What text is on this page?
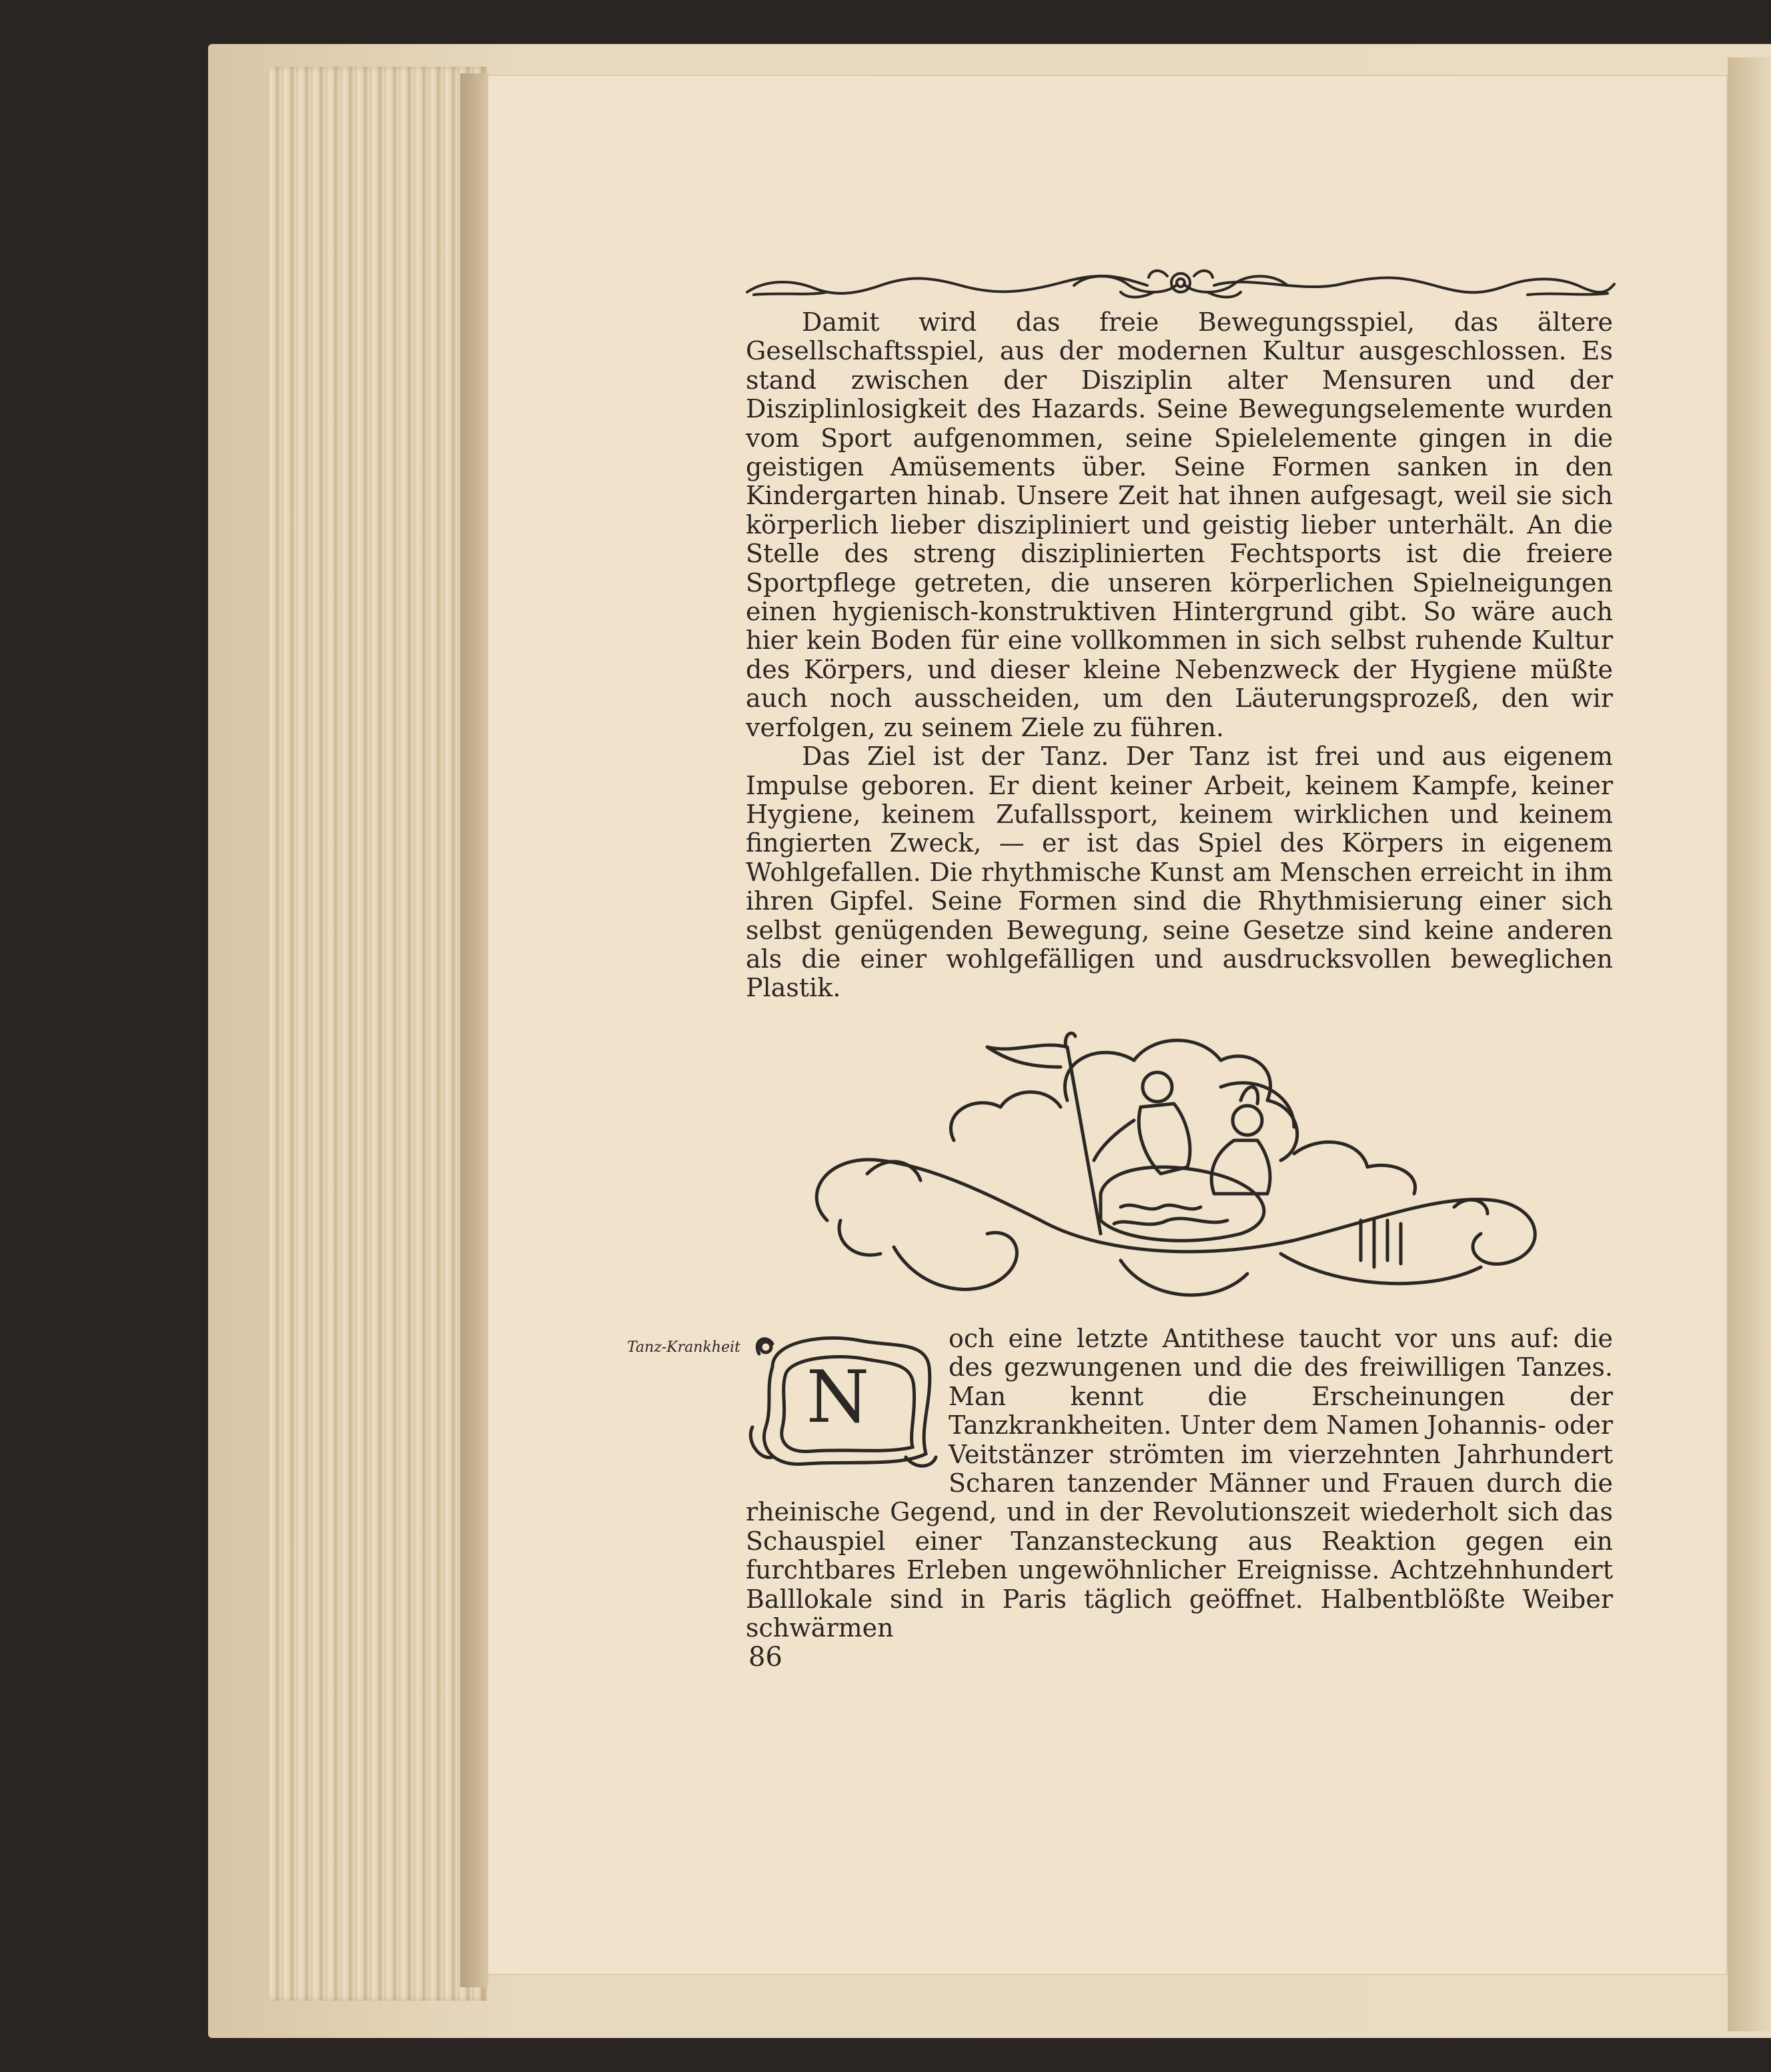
Damit wird das freie Bewegungsspiel, das ältere Gesellschaftsspiel, aus der modernen Kultur ausgeschlossen. Es stand zwischen der Disziplin alter Mensuren und der Disziplinlosigkeit des Hazards. Seine Bewegungselemente wurden vom Sport aufgenommen, seine Spielelemente gingen in die geistigen Amüsements über. Seine Formen sanken in den Kindergarten hinab. Unsere Zeit hat ihnen aufgesagt, weil sie sich körperlich lieber diszipliniert und geistig lieber unterhält. An die Stelle des streng disziplinierten Fechtsports ist die freiere Sportpflege getreten, die unseren körperlichen Spielneigungen einen hygienisch-konstruktiven Hintergrund gibt. So wäre auch hier kein Boden für eine vollkommen in sich selbst ruhende Kultur des Körpers, und dieser kleine Nebenzweck der Hygiene müßte auch noch ausscheiden, um den Läuterungsprozeß, den wir verfolgen, zu seinem Ziele zu führen.

Das Ziel ist der Tanz. Der Tanz ist frei und aus eigenem Impulse geboren. Er dient keiner Arbeit, keinem Kampfe, keiner Hygiene, keinem Zufallssport, keinem wirklichen und keinem fingierten Zweck, — er ist das Spiel des Körpers in eigenem Wohlgefallen. Die rhythmische Kunst am Menschen erreicht in ihm ihren Gipfel. Seine Formen sind die Rhythmisierung einer sich selbst genügenden Bewegung, seine Gesetze sind keine anderen als die einer wohlgefälligen und ausdrucksvollen beweglichen Plastik.

Tanz-Krankheit
N
och eine letzte Antithese taucht vor uns auf: die des gezwungenen und die des freiwilligen Tanzes. Man kennt die Erscheinungen der Tanzkrankheiten. Unter dem Namen Johannis- oder Veitstänzer strömten im vierzehnten Jahrhundert Scharen tanzender Männer und Frauen durch die rheinische Gegend, und in der Revolutionszeit wiederholt sich das Schauspiel einer Tanzansteckung aus Reaktion gegen ein furchtbares Erleben ungewöhnlicher Ereignisse. Achtzehnhundert Balllokale sind in Paris täglich geöffnet. Halbentblößte Weiber schwärmen
86
